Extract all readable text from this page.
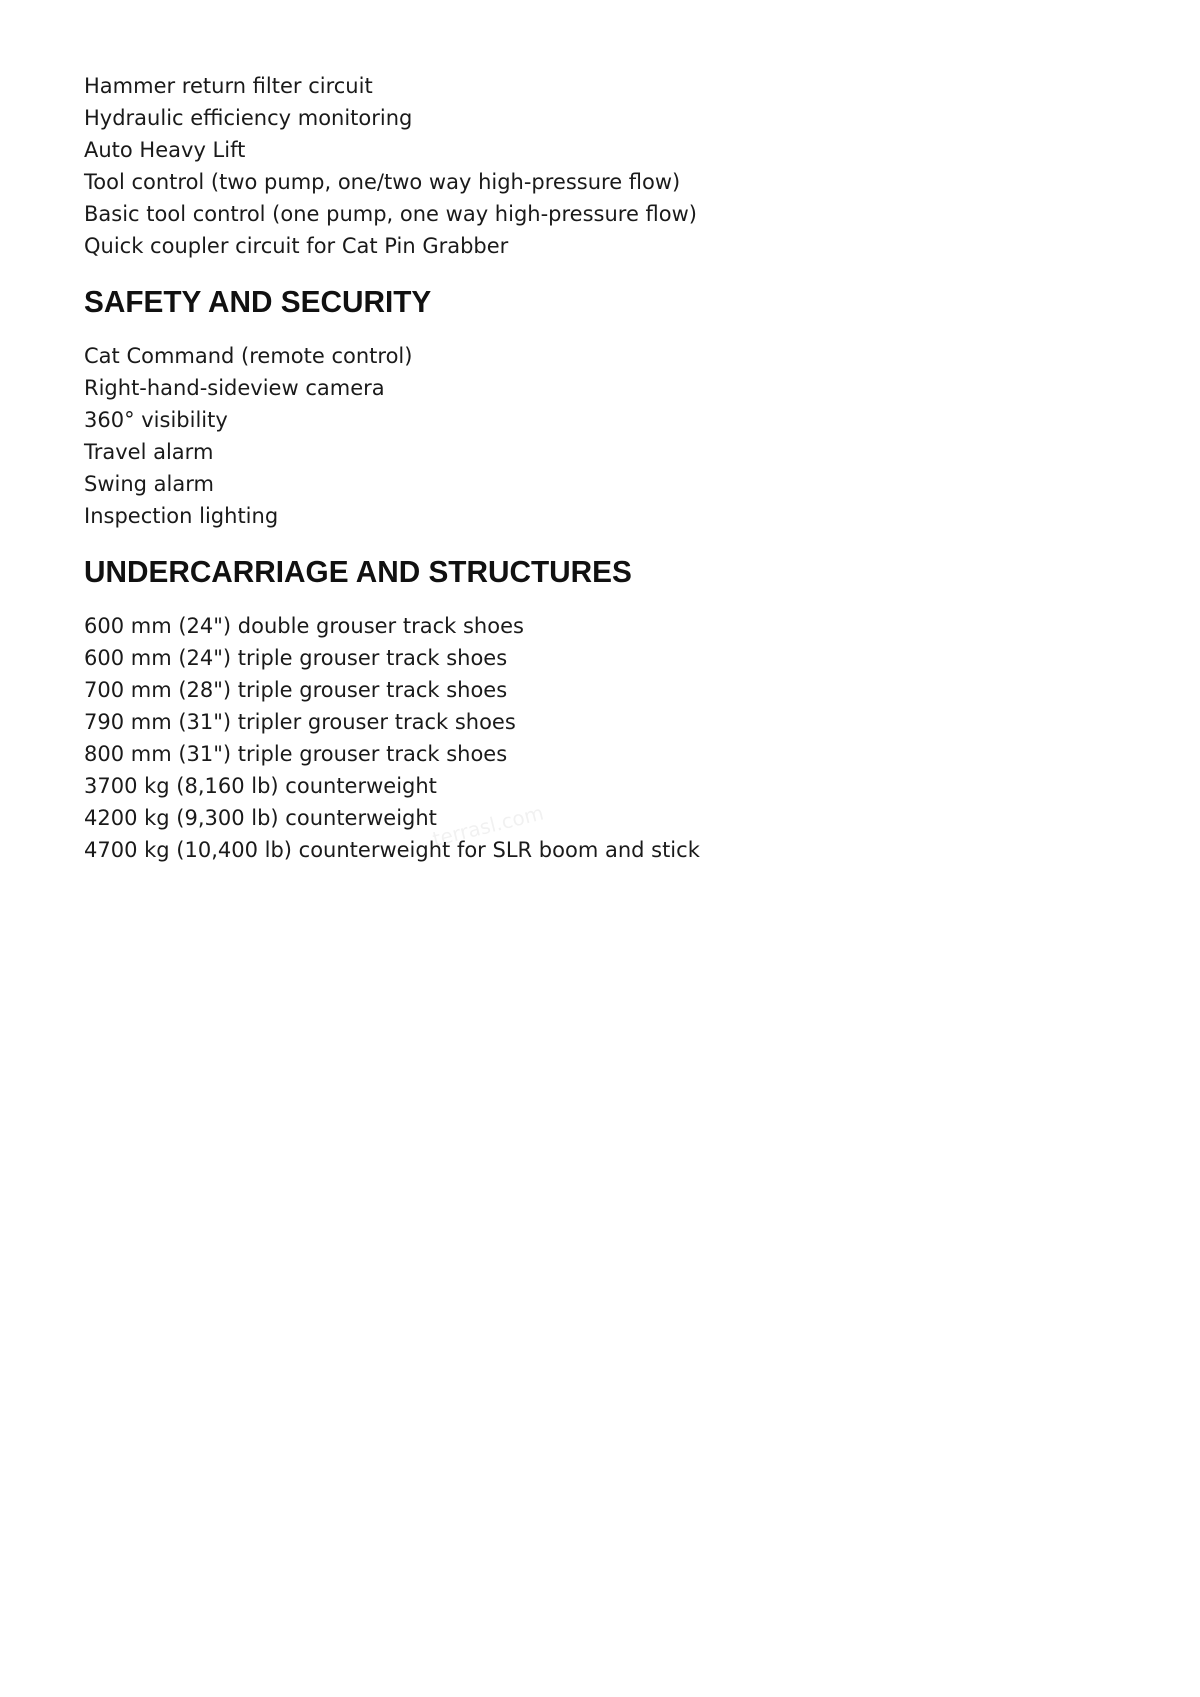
Hammer return filter circuit
Hydraulic efficiency monitoring
Auto Heavy Lift
Tool control (two pump, one/two way high-pressure flow)
Basic tool control (one pump, one way high-pressure flow)
Quick coupler circuit for Cat Pin Grabber
SAFETY AND SECURITY
Cat Command (remote control)
Right-hand-sideview camera
360° visibility
Travel alarm
Swing alarm
Inspection lighting
UNDERCARRIAGE AND STRUCTURES
600 mm (24") double grouser track shoes
600 mm (24") triple grouser track shoes
700 mm (28") triple grouser track shoes
790 mm (31") tripler grouser track shoes
800 mm (31") triple grouser track shoes
3700 kg (8,160 lb) counterweight
4200 kg (9,300 lb) counterweight
4700 kg (10,400 lb) counterweight for SLR boom and stick
terrasl.com
